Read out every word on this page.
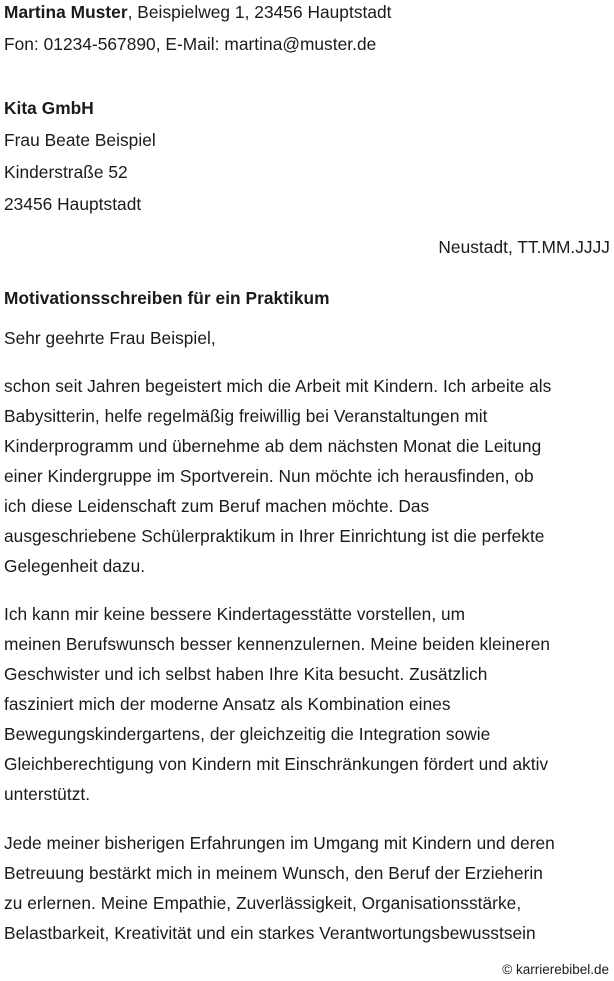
Martina Muster, Beispielweg 1, 23456 Hauptstadt
Fon: 01234-567890, E-Mail: martina@muster.de
Kita GmbH
Frau Beate Beispiel
Kinderstraße 52
23456 Hauptstadt
Neustadt, TT.MM.JJJJ
Motivationsschreiben für ein Praktikum
Sehr geehrte Frau Beispiel,
schon seit Jahren begeistert mich die Arbeit mit Kindern. Ich arbeite als
Babysitterin, helfe regelmäßig freiwillig bei Veranstaltungen mit
Kinderprogramm und übernehme ab dem nächsten Monat die Leitung
einer Kindergruppe im Sportverein. Nun möchte ich herausfinden, ob
ich diese Leidenschaft zum Beruf machen möchte. Das
ausgeschriebene Schülerpraktikum in Ihrer Einrichtung ist die perfekte
Gelegenheit dazu.
Ich kann mir keine bessere Kindertagesstätte vorstellen, um
meinen Berufswunsch besser kennenzulernen. Meine beiden kleineren
Geschwister und ich selbst haben Ihre Kita besucht. Zusätzlich
fasziniert mich der moderne Ansatz als Kombination eines
Bewegungskindergartens, der gleichzeitig die Integration sowie
Gleichberechtigung von Kindern mit Einschränkungen fördert und aktiv
unterstützt.
Jede meiner bisherigen Erfahrungen im Umgang mit Kindern und deren
Betreuung bestärkt mich in meinem Wunsch, den Beruf der Erzieherin
zu erlernen. Meine Empathie, Zuverlässigkeit, Organisationsstärke,
Belastbarkeit, Kreativität und ein starkes Verantwortungsbewusstsein
© karrierebibel.de
